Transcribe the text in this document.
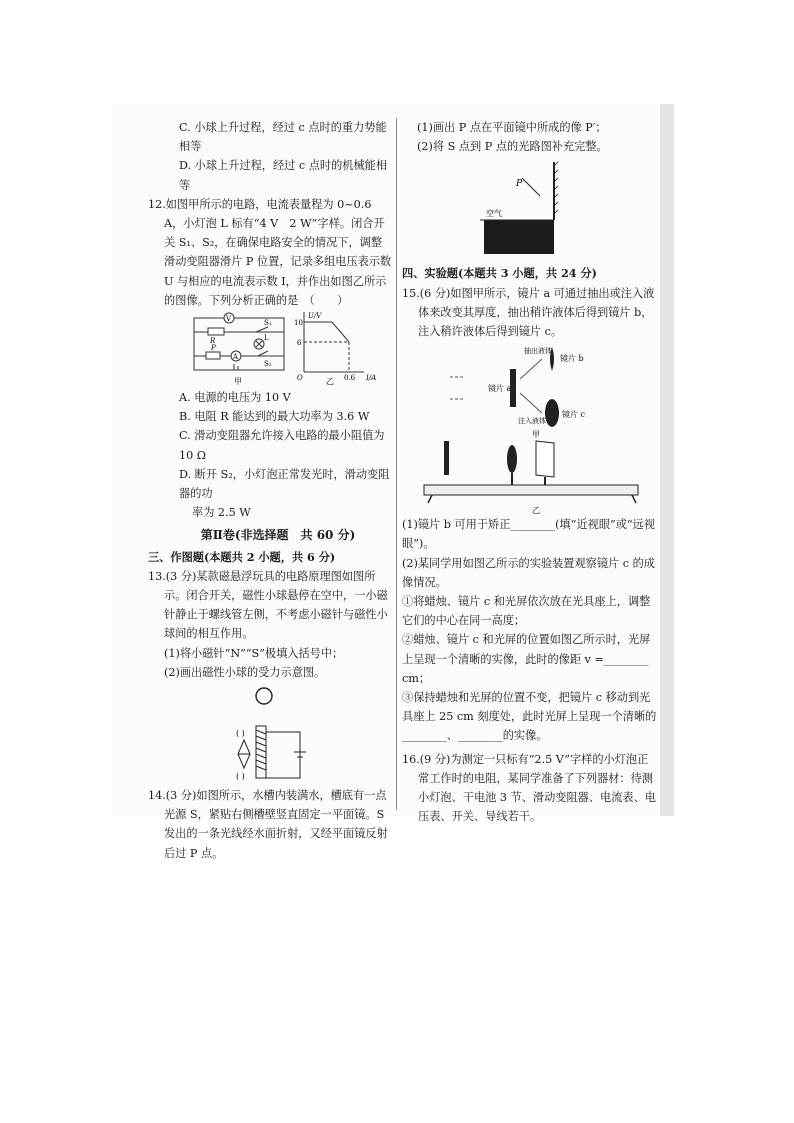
C. 小球上升过程，经过 c 点时的重力势能相等

D. 小球上升过程，经过 c 点时的机械能相等

12.如图甲所示的电路，电流表量程为 0~0.6 A，小灯泡 L 标有“4 V　2 W”字样。闭合开关 S₁、S₂，在确保电路安全的情况下，调整滑动变阻器滑片 P 位置，记录多组电压表示数 U 与相应的电流表示数 I，并作出如图乙所示的图像。下列分析正确的是 （　　）

V
A
L
R
P
S₁
S₂
甲
U/V
I/A
10
6
0.6
O	乙

A. 电源的电压为 10 V

B. 电阻 R 能达到的最大功率为 3.6 W

C. 滑动变阻器允许接入电路的最小阻值为 10 Ω

D. 断开 S₂，小灯泡正常发光时，滑动变阻器的功

率为 2.5 W

第Ⅱ卷(非选择题　共 60 分)

三、作图题(本题共 2 小题，共 6 分)

13.(3 分)某款磁悬浮玩具的电路原理图如图所示。闭合开关，磁性小球悬停在空中，一小磁针静止于螺线管左侧，不考虑小磁针与磁性小球间的相互作用。

(1)将小磁针“N”“S”极填入括号中；

(2)画出磁性小球的受力示意图。

( )
( )

14.(3 分)如图所示，水槽内装满水，槽底有一点光源 S，紧贴右侧槽壁竖直固定一平面镜。S 发出的一条光线经水面折射，又经平面镜反射后过 P 点。

(1)画出 P 点在平面镜中所成的像 P′；

(2)将 S 点到 P 点的光路图补充完整。

P
空气

四、实验题(本题共 3 小题，共 24 分)

15.(6 分)如图甲所示，镜片 a 可通过抽出或注入液体来改变其厚度，抽出稍许液体后得到镜片 b，注入稍许液体后得到镜片 c。

镜片 a
镜片 b
镜片 c
抽出液体
注入液体
甲
乙

(1)镜片 b 可用于矫正________(填“近视眼”或“远视眼”)。

(2)某同学用如图乙所示的实验装置观察镜片 c 的成像情况。

①将蜡烛、镜片 c 和光屏依次放在光具座上，调整它们的中心在同一高度；

②蜡烛、镜片 c 和光屏的位置如图乙所示时，光屏上呈现一个清晰的实像，此时的像距 v =________ cm；

③保持蜡烛和光屏的位置不变，把镜片 c 移动到光具座上 25 cm 刻度处，此时光屏上呈现一个清晰的________、________的实像。

16.(9 分)为测定一只标有“2.5 V”字样的小灯泡正常工作时的电阻，某同学准备了下列器材：待测小灯泡、干电池 3 节、滑动变阻器、电流表、电压表、开关、导线若干。
